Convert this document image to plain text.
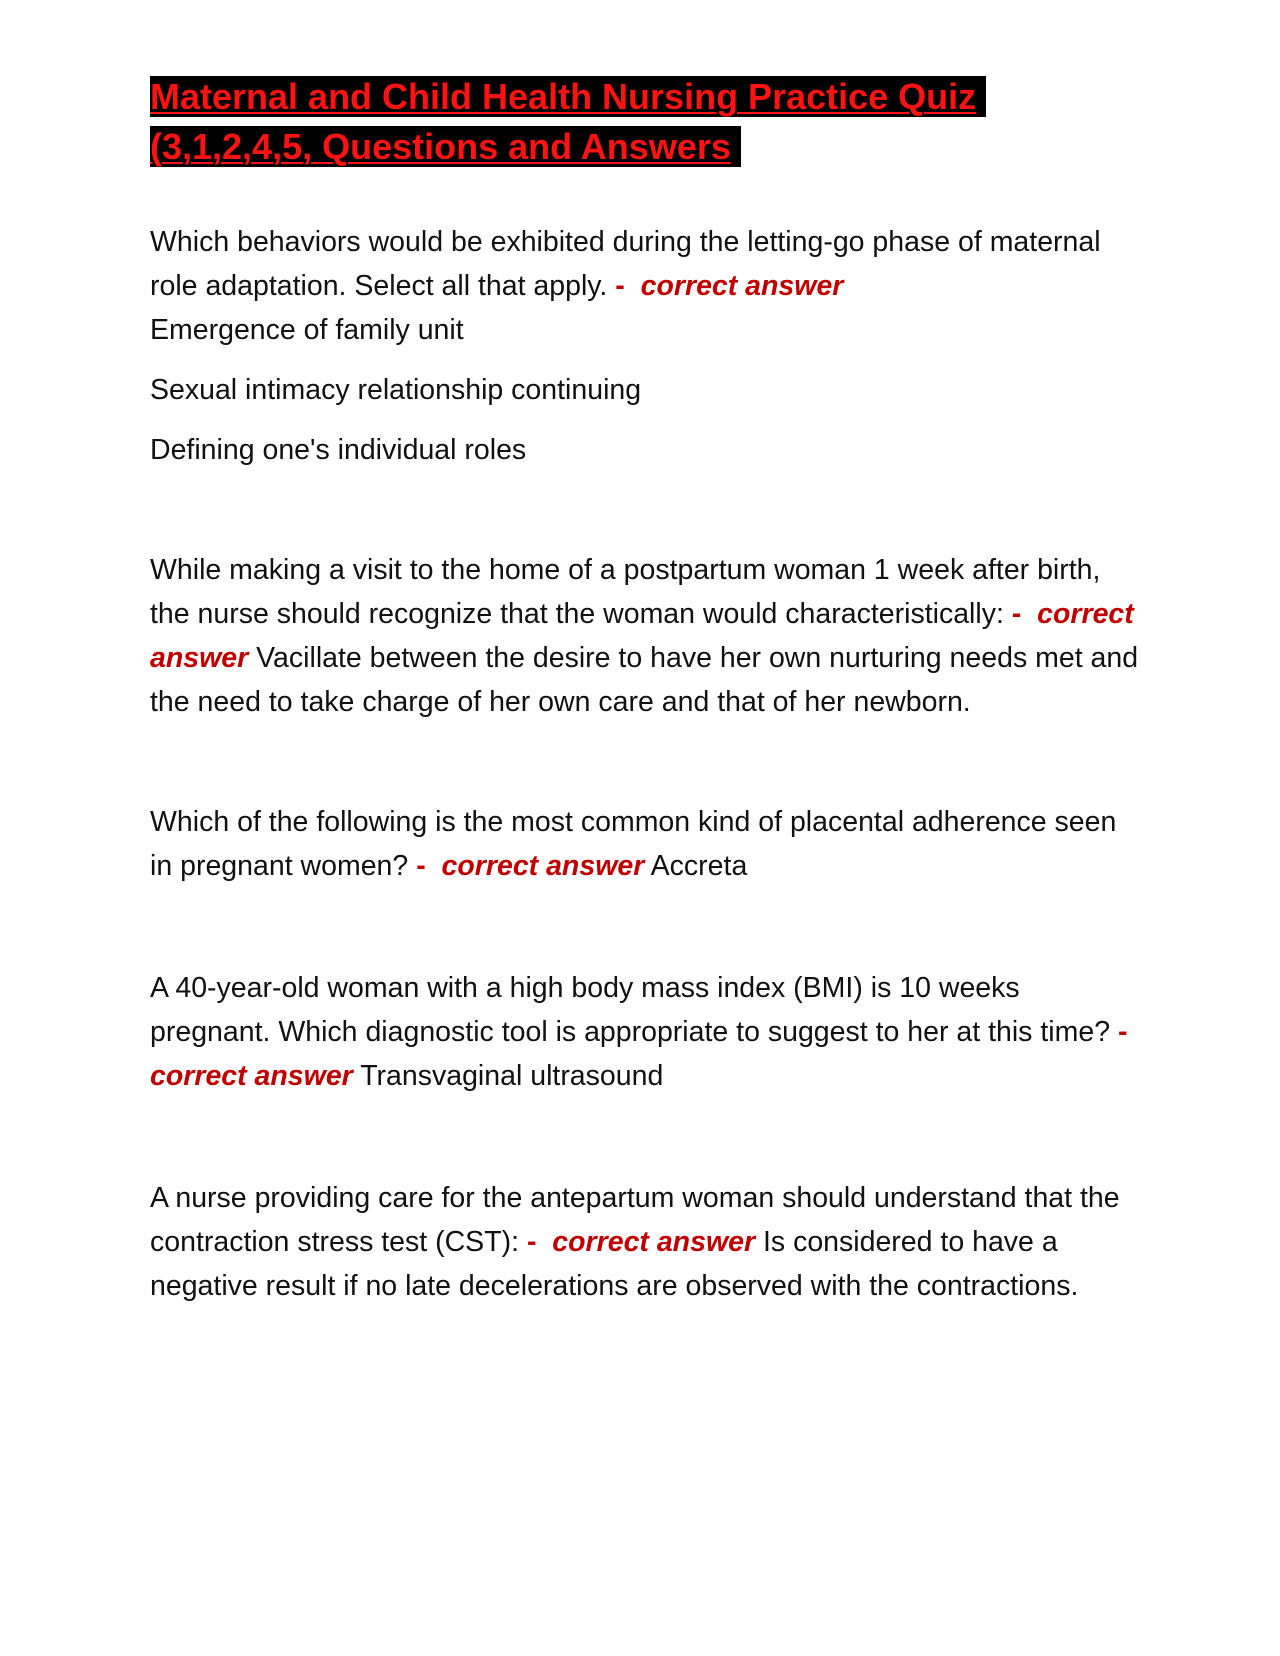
Maternal and Child Health Nursing Practice Quiz
(3,1,2,4,5, Questions and Answers

Which behaviors would be exhibited during the letting-go phase of maternal role adaptation. Select all that apply. - correct answer
Emergence of family unit

Sexual intimacy relationship continuing

Defining one's individual roles

While making a visit to the home of a postpartum woman 1 week after birth, the nurse should recognize that the woman would characteristically: - correct answer Vacillate between the desire to have her own nurturing needs met and the need to take charge of her own care and that of her newborn.

Which of the following is the most common kind of placental adherence seen in pregnant women? - correct answer Accreta

A 40-year-old woman with a high body mass index (BMI) is 10 weeks pregnant. Which diagnostic tool is appropriate to suggest to her at this time? -  correct answer Transvaginal ultrasound

A nurse providing care for the antepartum woman should understand that the contraction stress test (CST): - correct answer Is considered to have a negative result if no late decelerations are observed with the contractions.
